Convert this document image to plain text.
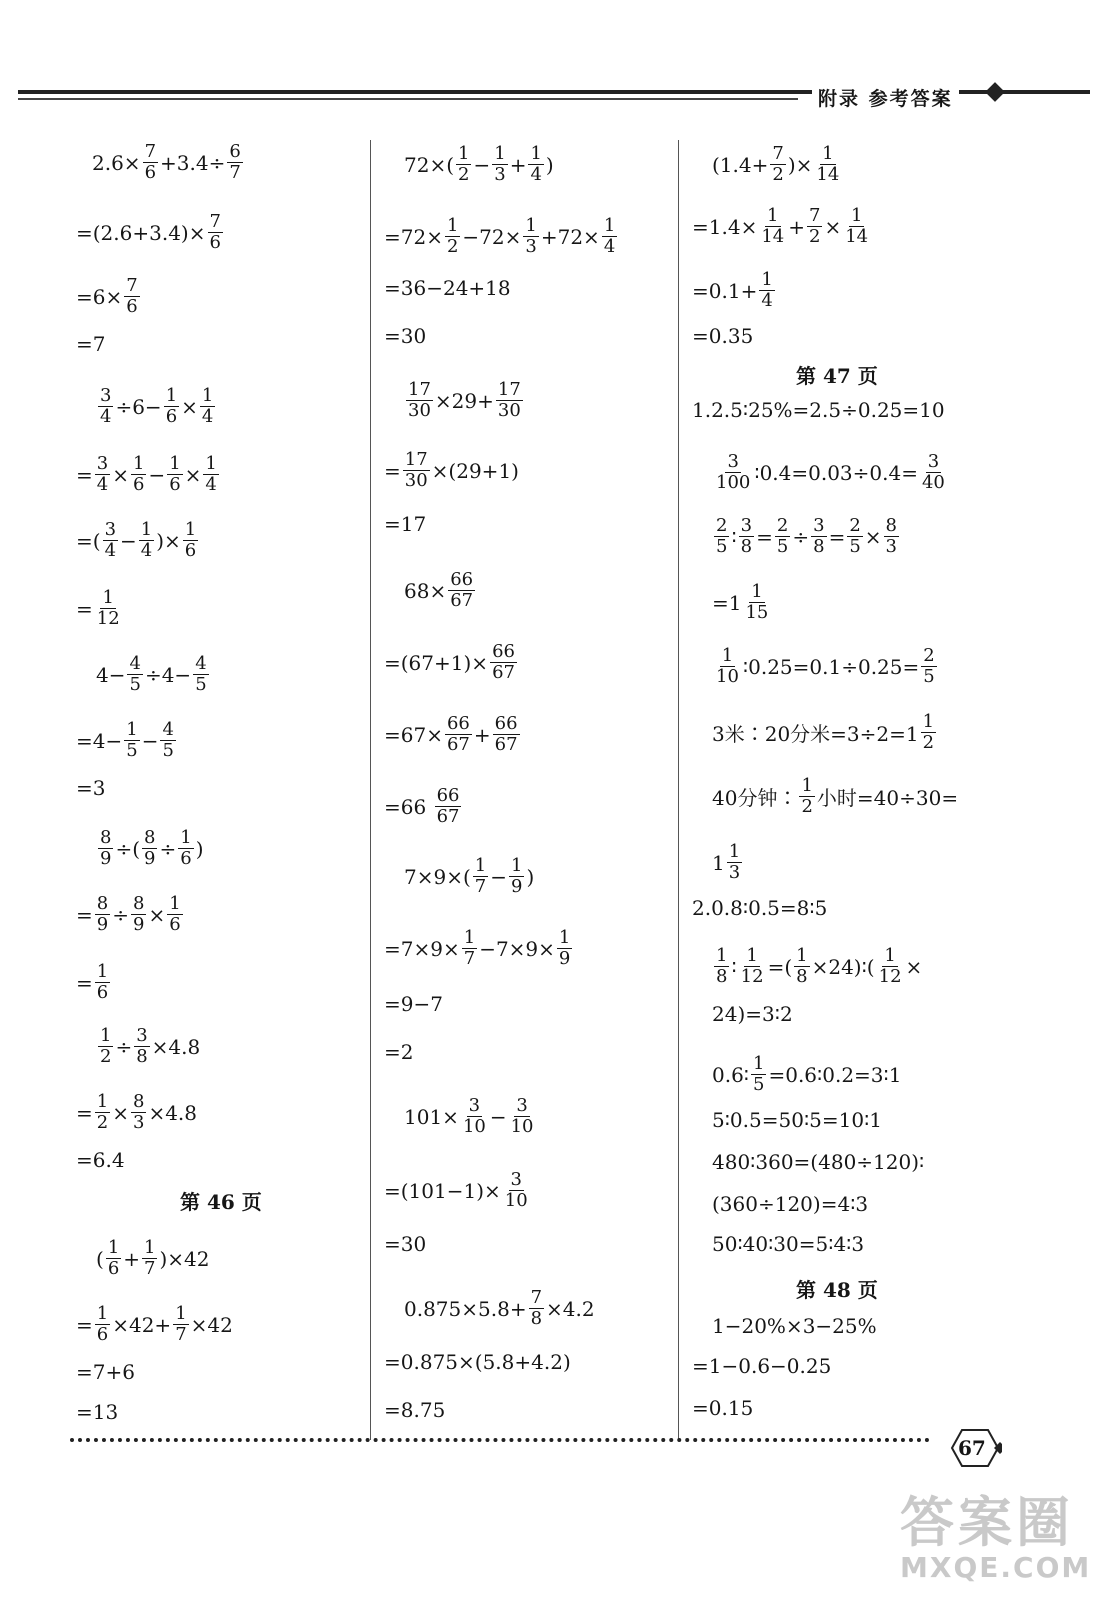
附录 参考答案
$2.6\times \frac{7}{6} +3.4\div \frac{6}{7}$
$=(2.6+3.4)\times \frac{7}{6}$
$=6\times \frac{7}{6}$
=7
$\frac{3}{4} \div 6- \frac{1}{6} \times \frac{1}{4}$
= $\frac{3}{4} \times \frac{1}{6} - \frac{1}{6} \times \frac{1}{4}$
=( $\frac{3}{4} - \frac{1}{4}$ )× $\frac{1}{6}$
= $\frac{1}{12}$
$4- \frac{4}{5} \div 4- \frac{4}{5}$
$=4- \frac{1}{5} - \frac{4}{5}$
=3
$\frac{8}{9}$ ÷( $\frac{8}{9} \div \frac{1}{6}$ )
= $\frac{8}{9} \div \frac{8}{9} \times \frac{1}{6}$
= $\frac{1}{6}$
$\frac{1}{2} \div \frac{3}{8} \times 4.8$
= $\frac{1}{2} \times \frac{8}{3} \times 4.8$
=6.4
第 46 页
( $\frac{1}{6} + \frac{1}{7} )\times 42$
= $\frac{1}{6} \times 42+ \frac{1}{7} \times 42$
=7+6
=13
$72\times( \frac{1}{2} - \frac{1}{3} + \frac{1}{4}$ )
$=72\times \frac{1}{2} -72\times \frac{1}{3} +72\times \frac{1}{4}$
=36−24+18
=30
$\frac{17}{30} \times 29+ \frac{17}{30}$
= $\frac{17}{30} \times(29+1)$
=17
$68\times \frac{66}{67}$
$=(67+1)\times \frac{66}{67}$
$=67\times \frac{66}{67} + \frac{66}{67}$
$=66 \frac{66}{67}$
$7\times 9\times( \frac{1}{7} - \frac{1}{9}$ )
$=7\times 9\times \frac{1}{7} -7\times 9\times \frac{1}{9}$
=9−7
=2
$101\times \frac{3}{10} - \frac{3}{10}$
$=(101-1)\times \frac{3}{10}$
=30
$0.875\times 5.8+ \frac{7}{8} \times 4.2$
=0.875×(5.8+4.2)
=8.75
($1.4+ \frac{7}{2}$ )× $\frac{1}{14}$
$=1.4\times \frac{1}{14} + \frac{7}{2} \times \frac{1}{14}$
$=0.1+ \frac{1}{4}$
=0.35
第 47 页
1.2.5∶25%=2.5÷0.25=10
$\frac{3}{100}$ ∶0.4=0.03÷0.4= $\frac{3}{40}$
$\frac{2}{5}$ ∶ $\frac{3}{8} = \frac{2}{5} \div \frac{3}{8} = \frac{2}{5} \times \frac{8}{3}$
$=1 \frac{1}{15}$
$\frac{1}{10}$ ∶0.25=0.1÷0.25= $\frac{2}{5}$
3米∶20分米$=3\div 2=1 \frac{1}{2}$
40分钟∶ $\frac{1}{2}$ 小时=40÷30=
$1 \frac{1}{3}$
2.0.8∶0.5=8∶5
$\frac{1}{8}$ ∶ $\frac{1}{12}$ =( $\frac{1}{8}$ ×24)∶( $\frac{1}{12}$ ×
24)=3∶2
0.6∶ $\frac{1}{5}$ =0.6∶0.2=3∶1
5∶0.5=50∶5=10∶1
480∶360=(480÷120)∶
(360÷120)=4∶3
50∶40∶30=5∶4∶3
第 48 页
1−20%×3−25%
=1−0.6−0.25
=0.15
67
答案圈
MXQE.COM
